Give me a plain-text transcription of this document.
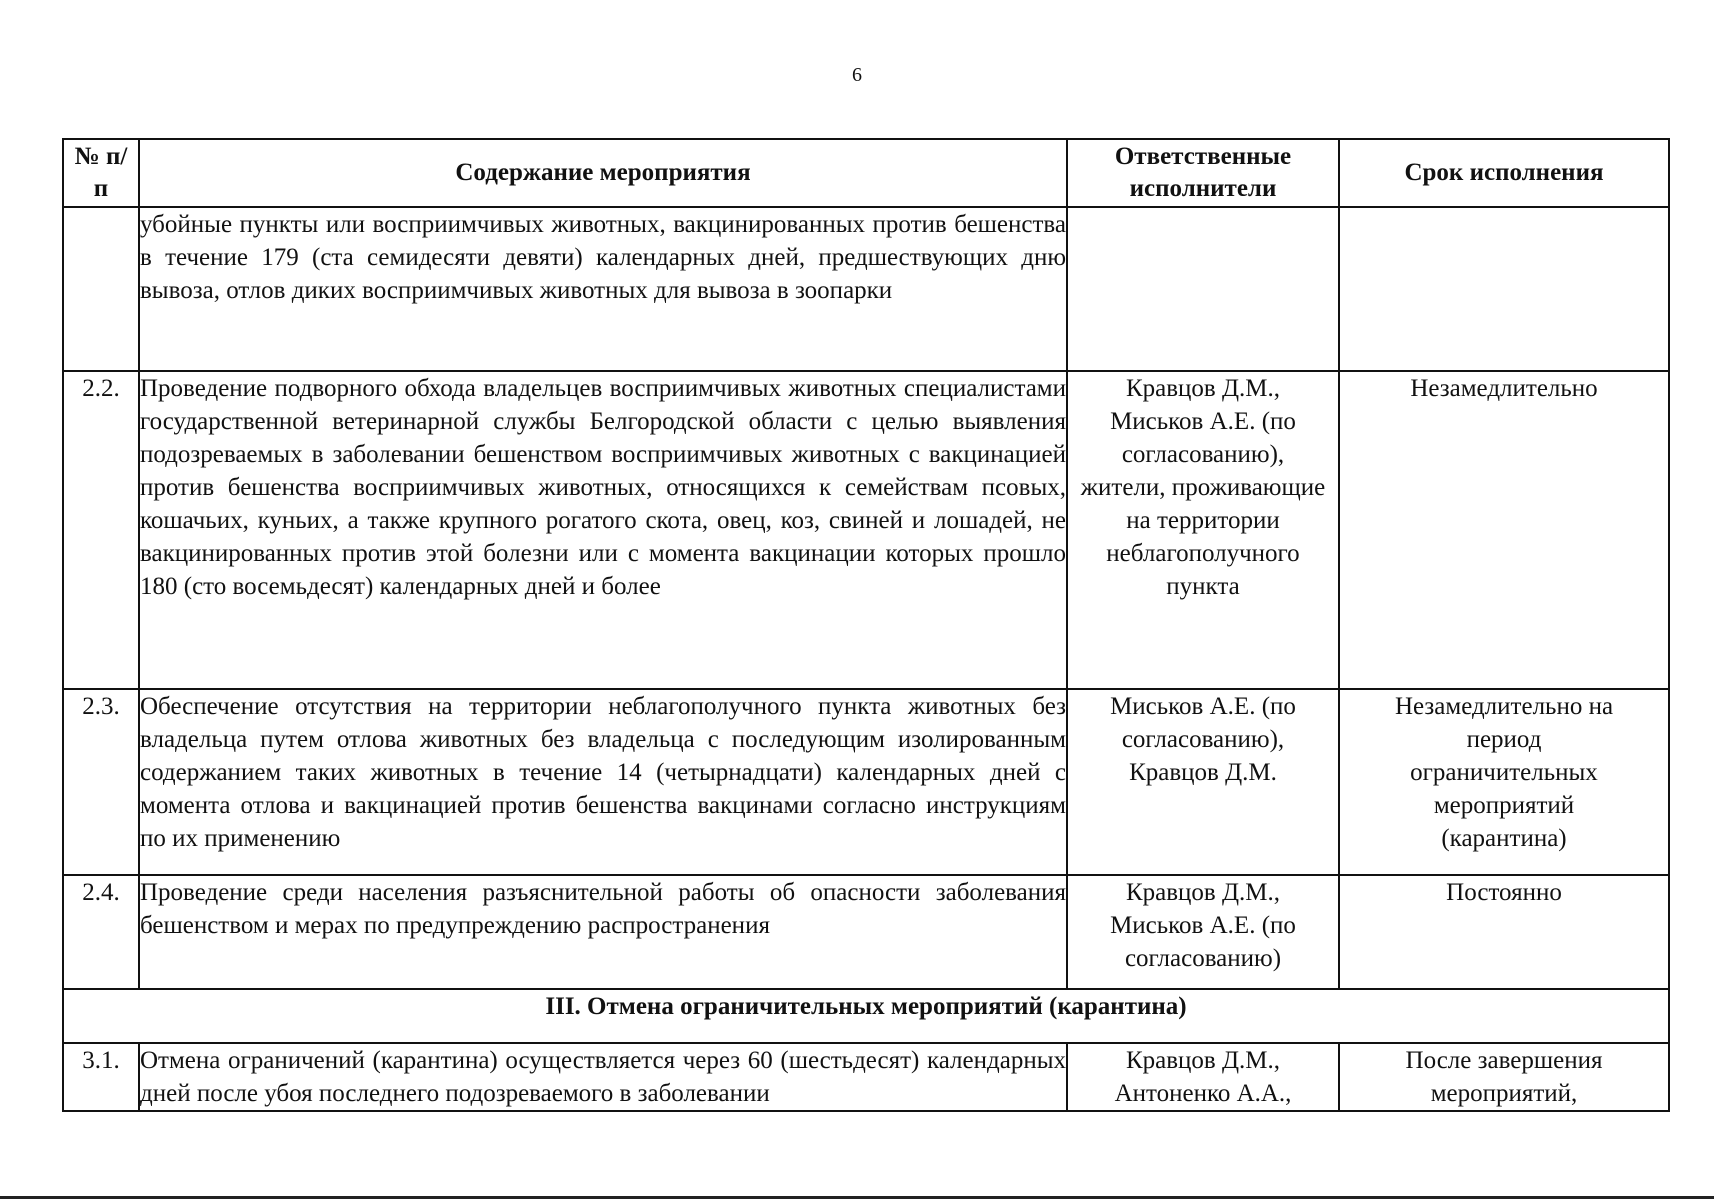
6
№ п/п	Содержание мероприятия	Ответственные исполнители	Срок исполнения
	убойные пункты или восприимчивых животных, вакцинированных против бешенства в течение 179 (ста семидесяти девяти) календарных дней, предшествующих дню вывоза, отлов диких восприимчивых животных для вывоза в зоопарки		
2.2.	Проведение подворного обхода владельцев восприимчивых животных специалистами государственной ветеринарной службы Белгородской области с целью выявления подозреваемых в заболевании бешенством восприимчивых животных с вакцинацией против бешенства восприимчивых животных, относящихся к семействам псовых, кошачьих, куньих, а также крупного рогатого скота, овец, коз, свиней и лошадей, не вакцинированных против этой болезни или с момента вакцинации которых прошло 180 (сто восемьдесят) календарных дней и более	Кравцов Д.М., Миськов А.Е. (по согласованию), жители, проживающие на территории неблагополучного пункта	Незамедлительно
2.3.	Обеспечение отсутствия на территории неблагополучного пункта животных без владельца путем отлова животных без владельца с последующим изолированным содержанием таких животных в течение 14 (четырнадцати) календарных дней с момента отлова и вакцинацией против бешенства вакцинами согласно инструкциям по их применению	Миськов А.Е. (по согласованию), Кравцов Д.М.	Незамедлительно на период ограничительных мероприятий (карантина)
2.4.	Проведение среди населения разъяснительной работы об опасности заболевания бешенством и мерах по предупреждению распространения	Кравцов Д.М., Миськов А.Е. (по согласованию)	Постоянно
III. Отмена ограничительных мероприятий (карантина)			
3.1.	Отмена ограничений (карантина) осуществляется через 60 (шестьдесят) календарных дней после убоя последнего подозреваемого в заболевании	Кравцов Д.М., Антоненко А.А.,	После завершения мероприятий,
